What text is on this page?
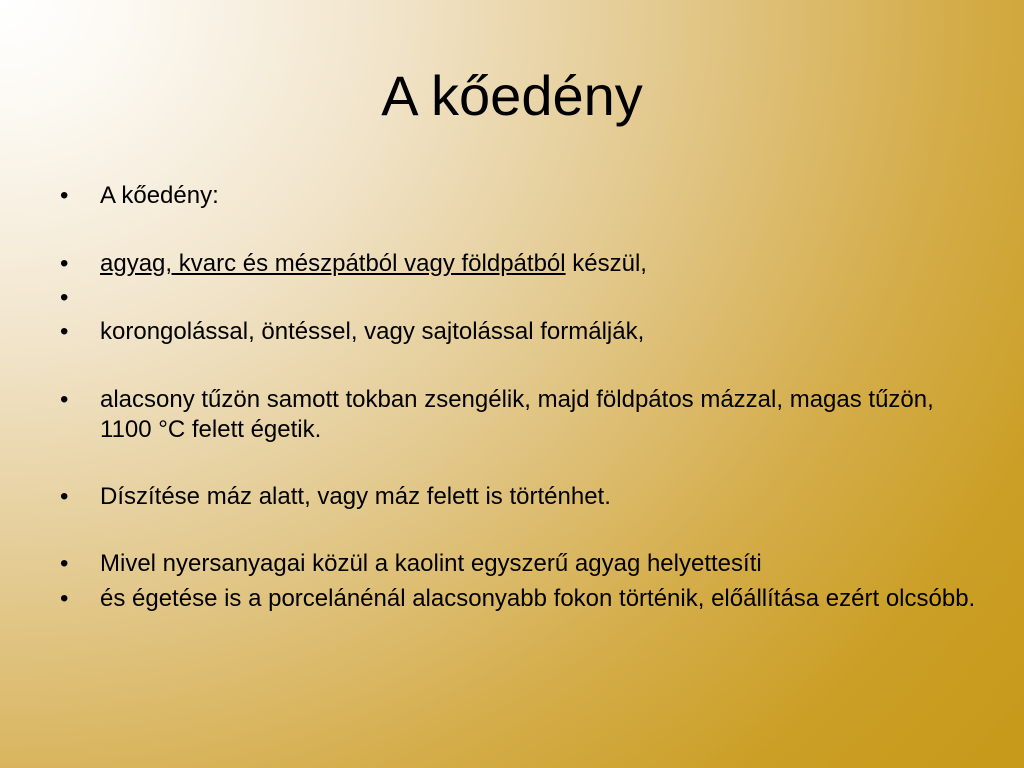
A kőedény
•	A kőedény:
•	agyag, kvarc és mészpátból vagy földpátból készül,
•
•	korongolással, öntéssel, vagy sajtolással formálják,
•	alacsony tűzön samott tokban zsengélik, majd földpátos mázzal, magas tűzön, 1100 °C felett égetik.
•	Díszítése máz alatt, vagy máz felett is történhet.
•	Mivel nyersanyagai közül a kaolint egyszerű agyag helyettesíti
•	és égetése is a porcelánénál alacsonyabb fokon történik, előállítása ezért olcsóbb.
